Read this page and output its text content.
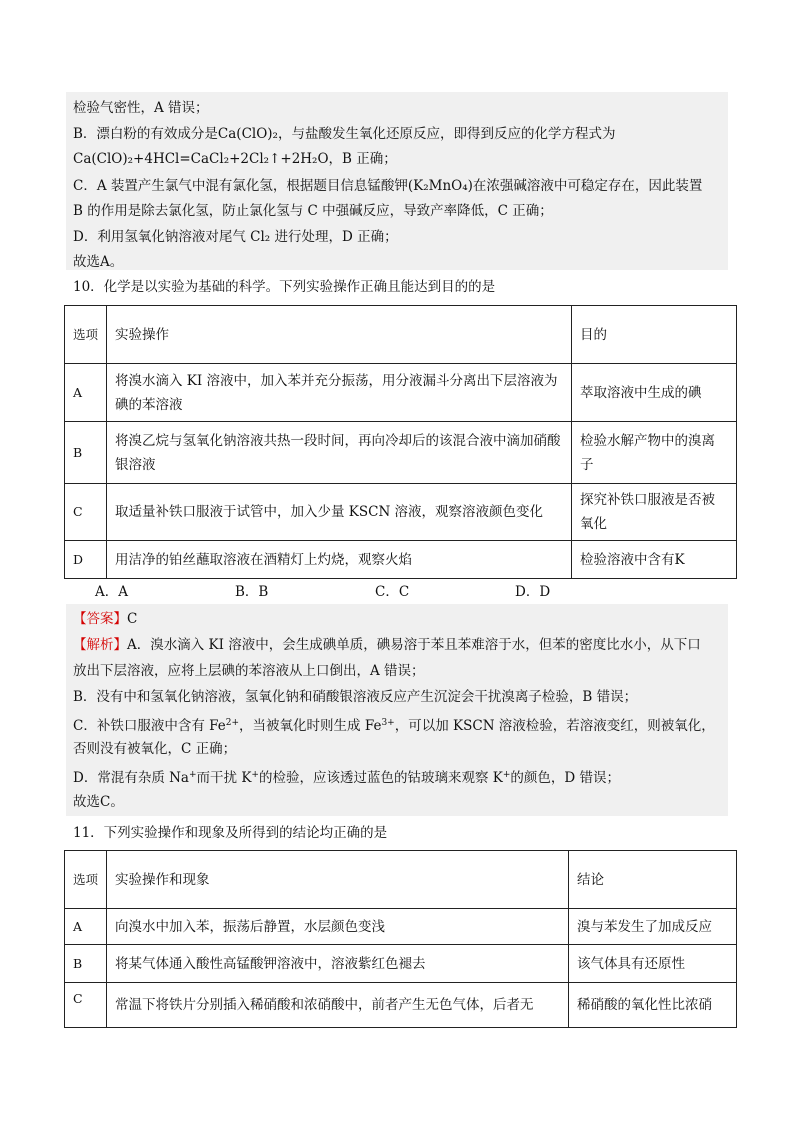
检验气密性，A 错误；
B．漂白粉的有效成分是Ca(ClO)₂，与盐酸发生氧化还原反应，即得到反应的化学方程式为
Ca(ClO)₂+4HCl=CaCl₂+2Cl₂↑+2H₂O，B 正确；
C．A 装置产生氯气中混有氯化氢，根据题目信息锰酸钾(K₂MnO₄)在浓强碱溶液中可稳定存在，因此装置
B 的作用是除去氯化氢，防止氯化氢与 C 中强碱反应，导致产率降低，C 正确；
D．利用氢氧化钠溶液对尾气 Cl₂ 进行处理，D 正确；
故选A。
10．化学是以实验为基础的科学。下列实验操作正确且能达到目的的是
选项	实验操作	目的
A	将溴水滴入 KI 溶液中，加入苯并充分振荡，用分液漏斗分离出下层溶液为碘的苯溶液	萃取溶液中生成的碘
B	将溴乙烷与氢氧化钠溶液共热一段时间，再向冷却后的该混合液中滴加硝酸银溶液	检验水解产物中的溴离子
C	取适量补铁口服液于试管中，加入少量 KSCN 溶液，观察溶液颜色变化	探究补铁口服液是否被氧化
D	用洁净的铂丝蘸取溶液在酒精灯上灼烧，观察火焰	检验溶液中含有K
A．A	B．B	C．C	D．D
【答案】C
【解析】A．溴水滴入 KI 溶液中，会生成碘单质，碘易溶于苯且苯难溶于水，但苯的密度比水小，从下口
放出下层溶液，应将上层碘的苯溶液从上口倒出，A 错误；
B．没有中和氢氧化钠溶液，氢氧化钠和硝酸银溶液反应产生沉淀会干扰溴离子检验，B 错误；
C．补铁口服液中含有 $Fe^{2+}$，当被氧化时则生成 $Fe^{3+}$，可以加 KSCN 溶液检验，若溶液变红，则被氧化，
否则没有被氧化，C 正确；
D．常混有杂质 Na+而干扰 K+的检验，应该透过蓝色的钴玻璃来观察 K+的颜色，D 错误；
故选C。
11．下列实验操作和现象及所得到的结论均正确的是
选项	实验操作和现象	结论
A	向溴水中加入苯，振荡后静置，水层颜色变浅	溴与苯发生了加成反应
B	将某气体通入酸性高锰酸钾溶液中，溶液紫红色褪去	该气体具有还原性
C	常温下将铁片分别插入稀硝酸和浓硝酸中，前者产生无色气体，后者无	稀硝酸的氧化性比浓硝
